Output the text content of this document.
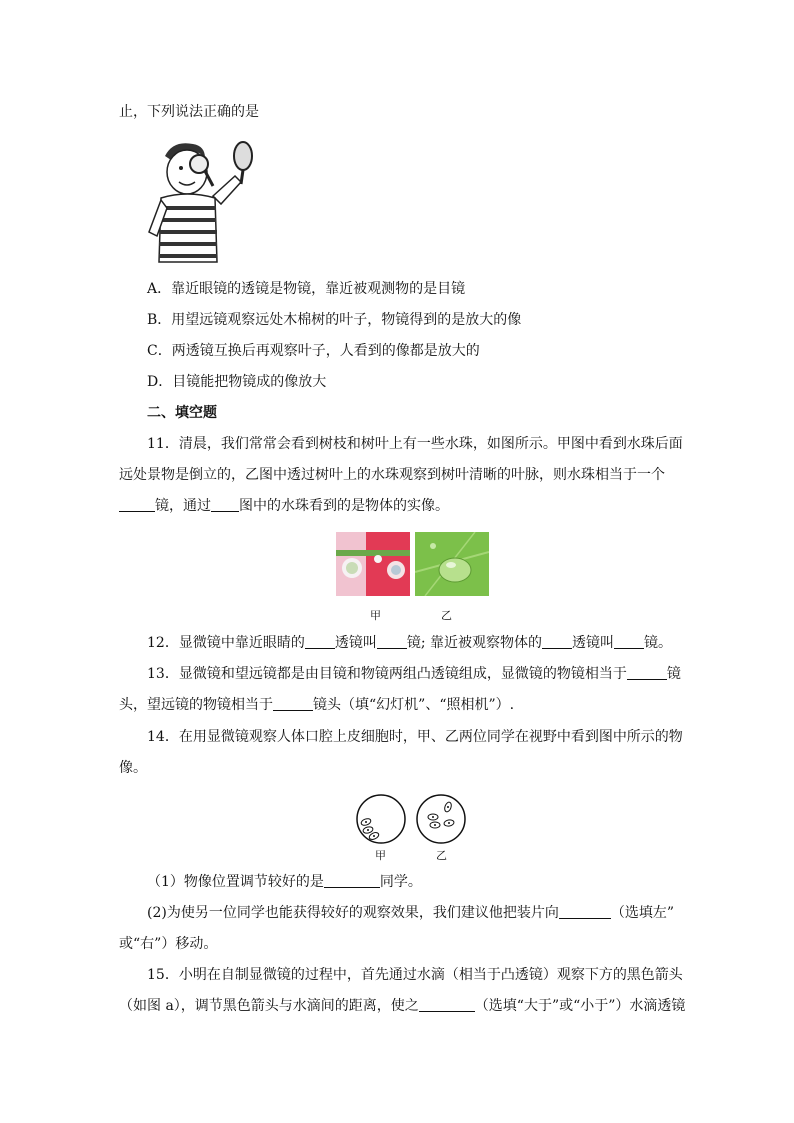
止，下列说法正确的是
A．靠近眼镜的透镜是物镜，靠近被观测物的是目镜
B．用望远镜观察远处木棉树的叶子，物镜得到的是放大的像
C．两透镜互换后再观察叶子，人看到的像都是放大的
D．目镜能把物镜成的像放大
二、填空题
11．清晨，我们常常会看到树枝和树叶上有一些水珠，如图所示。甲图中看到水珠后面
远处景物是倒立的，乙图中透过树叶上的水珠观察到树叶清晰的叶脉，则水珠相当于一个
镜，通过 图中的水珠看到的是物体的实像。
甲	乙
12．显微镜中靠近眼睛的 透镜叫 镜; 靠近被观察物体的 透镜叫 镜。
13．显微镜和望远镜都是由目镜和物镜两组凸透镜组成，显微镜的物镜相当于	镜
头，望远镜的物镜相当于	镜头（填“幻灯机”、“照相机”）.
14．在用显微镜观察人体口腔上皮细胞时，甲、乙两位同学在视野中看到图中所示的物
像。
甲	乙
（1）物像位置调节较好的是	同学。
(2)为使另一位同学也能获得较好的观察效果，我们建议他把装片向	（选填左”
或“右”）移动。
15．小明在自制显微镜的过程中，首先通过水滴（相当于凸透镜）观察下方的黑色箭头
（如图 a），调节黑色箭头与水滴间的距离，使之	（选填“大于”或“小于”）水滴透镜
